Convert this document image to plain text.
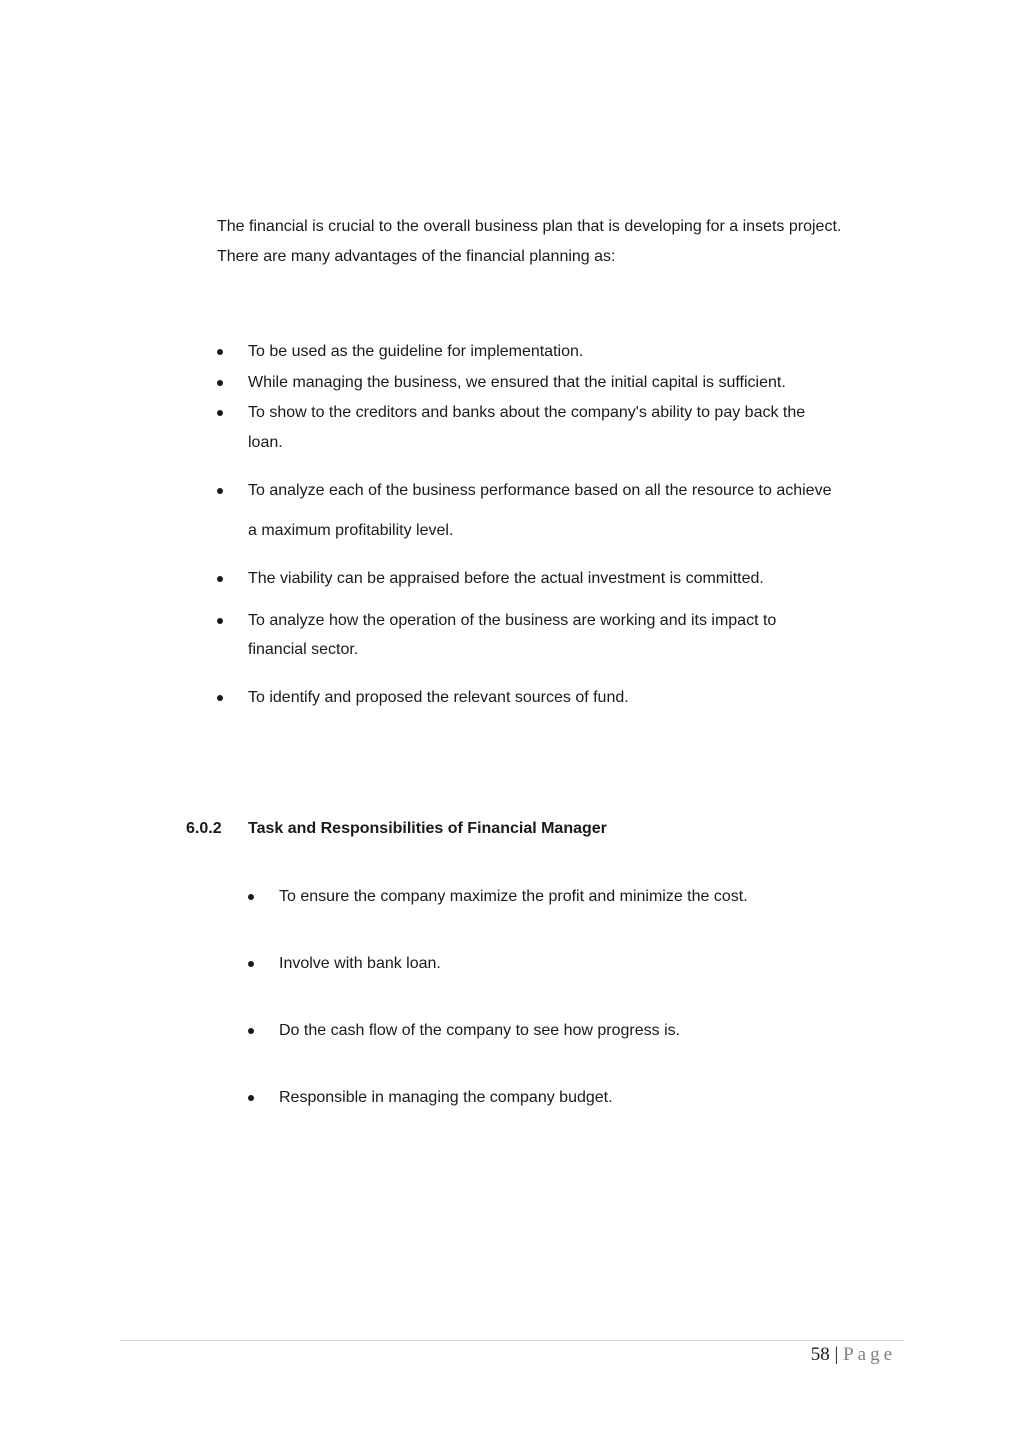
The financial is crucial to the overall business plan that is developing for a insets project.
There are many advantages of the financial planning as:
To be used as the guideline for implementation.
While managing the business, we ensured that the initial capital is sufficient.
To show to the creditors and banks about the company's ability to pay back the
loan.
To analyze each of the business performance based on all the resource to achieve
a maximum profitability level.
The viability can be appraised before the actual investment is committed.
To analyze how the operation of the business are working and its impact to
financial sector.
To identify and proposed the relevant sources of fund.
6.0.2 Task and Responsibilities of Financial Manager
To ensure the company maximize the profit and minimize the cost.
Involve with bank loan.
Do the cash flow of the company to see how progress is.
Responsible in managing the company budget.
58 | Page
